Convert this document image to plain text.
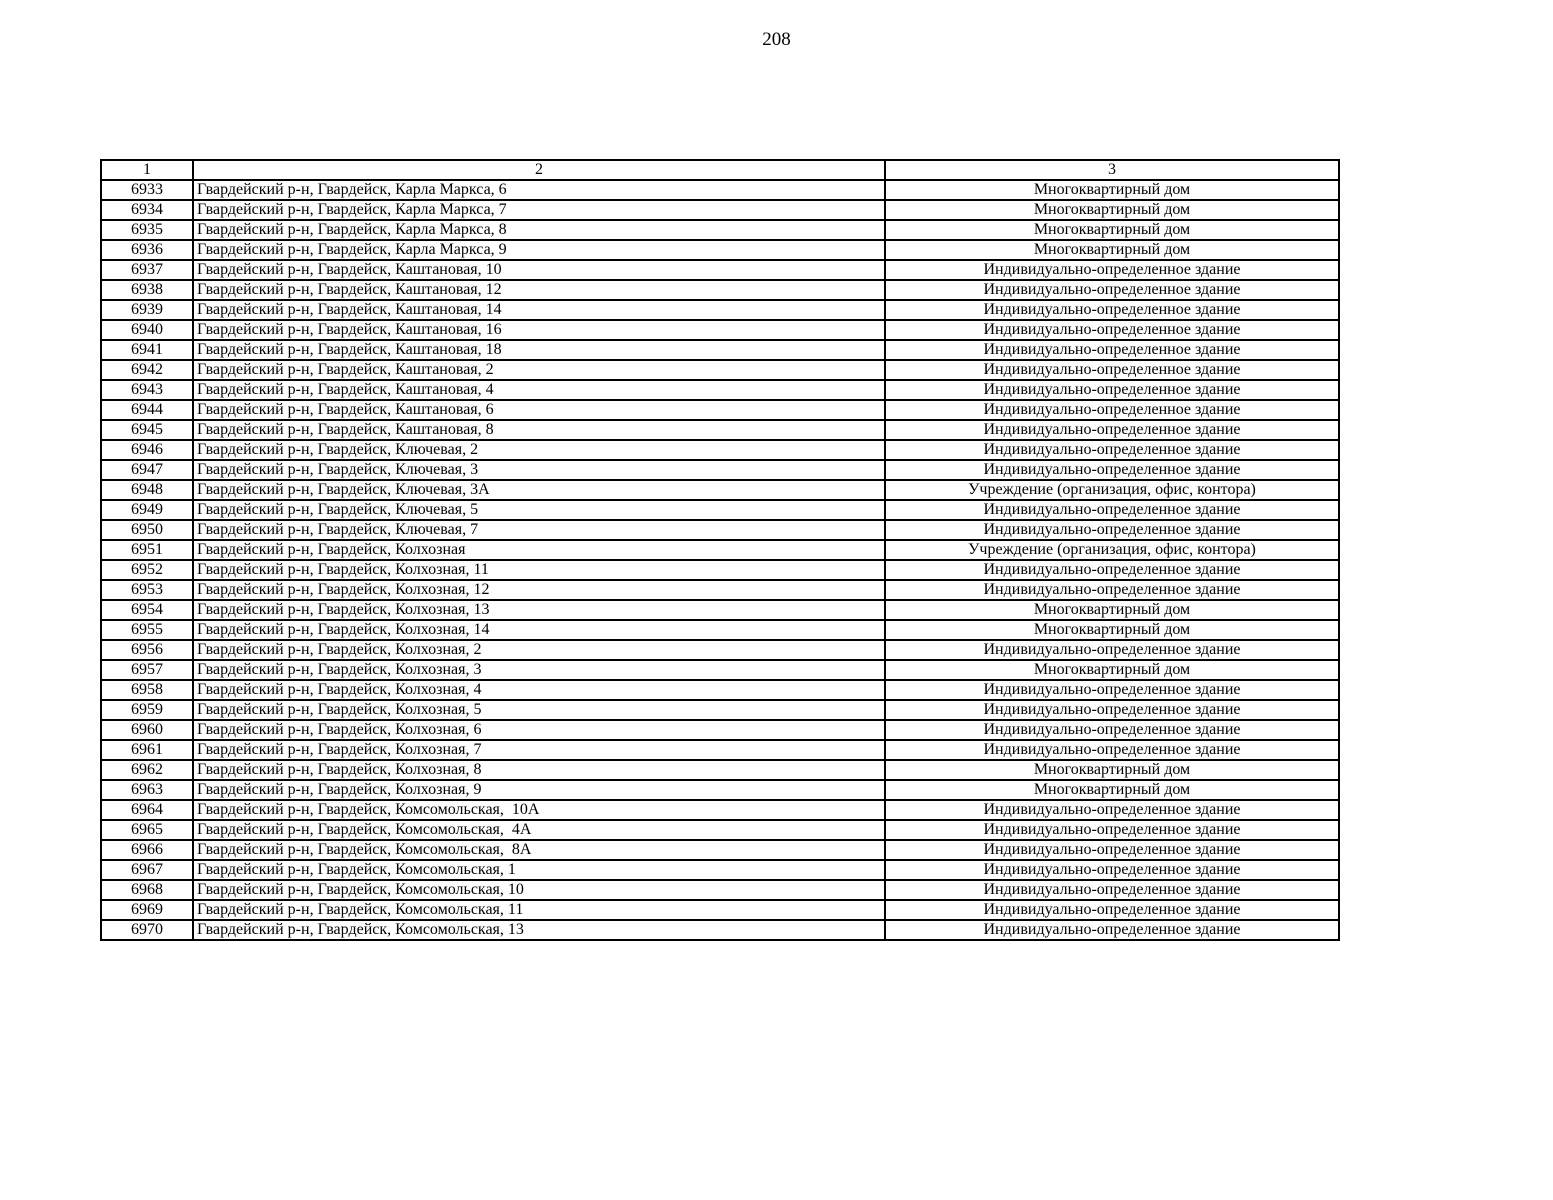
208
1	2	3
6933	Гвардейский р-н, Гвардейск, Карла Маркса, 6	Многоквартирный дом
6934	Гвардейский р-н, Гвардейск, Карла Маркса, 7	Многоквартирный дом
6935	Гвардейский р-н, Гвардейск, Карла Маркса, 8	Многоквартирный дом
6936	Гвардейский р-н, Гвардейск, Карла Маркса, 9	Многоквартирный дом
6937	Гвардейский р-н, Гвардейск, Каштановая, 10	Индивидуально-определенное здание
6938	Гвардейский р-н, Гвардейск, Каштановая, 12	Индивидуально-определенное здание
6939	Гвардейский р-н, Гвардейск, Каштановая, 14	Индивидуально-определенное здание
6940	Гвардейский р-н, Гвардейск, Каштановая, 16	Индивидуально-определенное здание
6941	Гвардейский р-н, Гвардейск, Каштановая, 18	Индивидуально-определенное здание
6942	Гвардейский р-н, Гвардейск, Каштановая, 2	Индивидуально-определенное здание
6943	Гвардейский р-н, Гвардейск, Каштановая, 4	Индивидуально-определенное здание
6944	Гвардейский р-н, Гвардейск, Каштановая, 6	Индивидуально-определенное здание
6945	Гвардейский р-н, Гвардейск, Каштановая, 8	Индивидуально-определенное здание
6946	Гвардейский р-н, Гвардейск, Ключевая, 2	Индивидуально-определенное здание
6947	Гвардейский р-н, Гвардейск, Ключевая, 3	Индивидуально-определенное здание
6948	Гвардейский р-н, Гвардейск, Ключевая, 3А	Учреждение (организация, офис, контора)
6949	Гвардейский р-н, Гвардейск, Ключевая, 5	Индивидуально-определенное здание
6950	Гвардейский р-н, Гвардейск, Ключевая, 7	Индивидуально-определенное здание
6951	Гвардейский р-н, Гвардейск, Колхозная	Учреждение (организация, офис, контора)
6952	Гвардейский р-н, Гвардейск, Колхозная, 11	Индивидуально-определенное здание
6953	Гвардейский р-н, Гвардейск, Колхозная, 12	Индивидуально-определенное здание
6954	Гвардейский р-н, Гвардейск, Колхозная, 13	Многоквартирный дом
6955	Гвардейский р-н, Гвардейск, Колхозная, 14	Многоквартирный дом
6956	Гвардейский р-н, Гвардейск, Колхозная, 2	Индивидуально-определенное здание
6957	Гвардейский р-н, Гвардейск, Колхозная, 3	Многоквартирный дом
6958	Гвардейский р-н, Гвардейск, Колхозная, 4	Индивидуально-определенное здание
6959	Гвардейский р-н, Гвардейск, Колхозная, 5	Индивидуально-определенное здание
6960	Гвардейский р-н, Гвардейск, Колхозная, 6	Индивидуально-определенное здание
6961	Гвардейский р-н, Гвардейск, Колхозная, 7	Индивидуально-определенное здание
6962	Гвардейский р-н, Гвардейск, Колхозная, 8	Многоквартирный дом
6963	Гвардейский р-н, Гвардейск, Колхозная, 9	Многоквартирный дом
6964	Гвардейский р-н, Гвардейск, Комсомольская,  10А	Индивидуально-определенное здание
6965	Гвардейский р-н, Гвардейск, Комсомольская,  4А	Индивидуально-определенное здание
6966	Гвардейский р-н, Гвардейск, Комсомольская,  8А	Индивидуально-определенное здание
6967	Гвардейский р-н, Гвардейск, Комсомольская, 1	Индивидуально-определенное здание
6968	Гвардейский р-н, Гвардейск, Комсомольская, 10	Индивидуально-определенное здание
6969	Гвардейский р-н, Гвардейск, Комсомольская, 11	Индивидуально-определенное здание
6970	Гвардейский р-н, Гвардейск, Комсомольская, 13	Индивидуально-определенное здание
